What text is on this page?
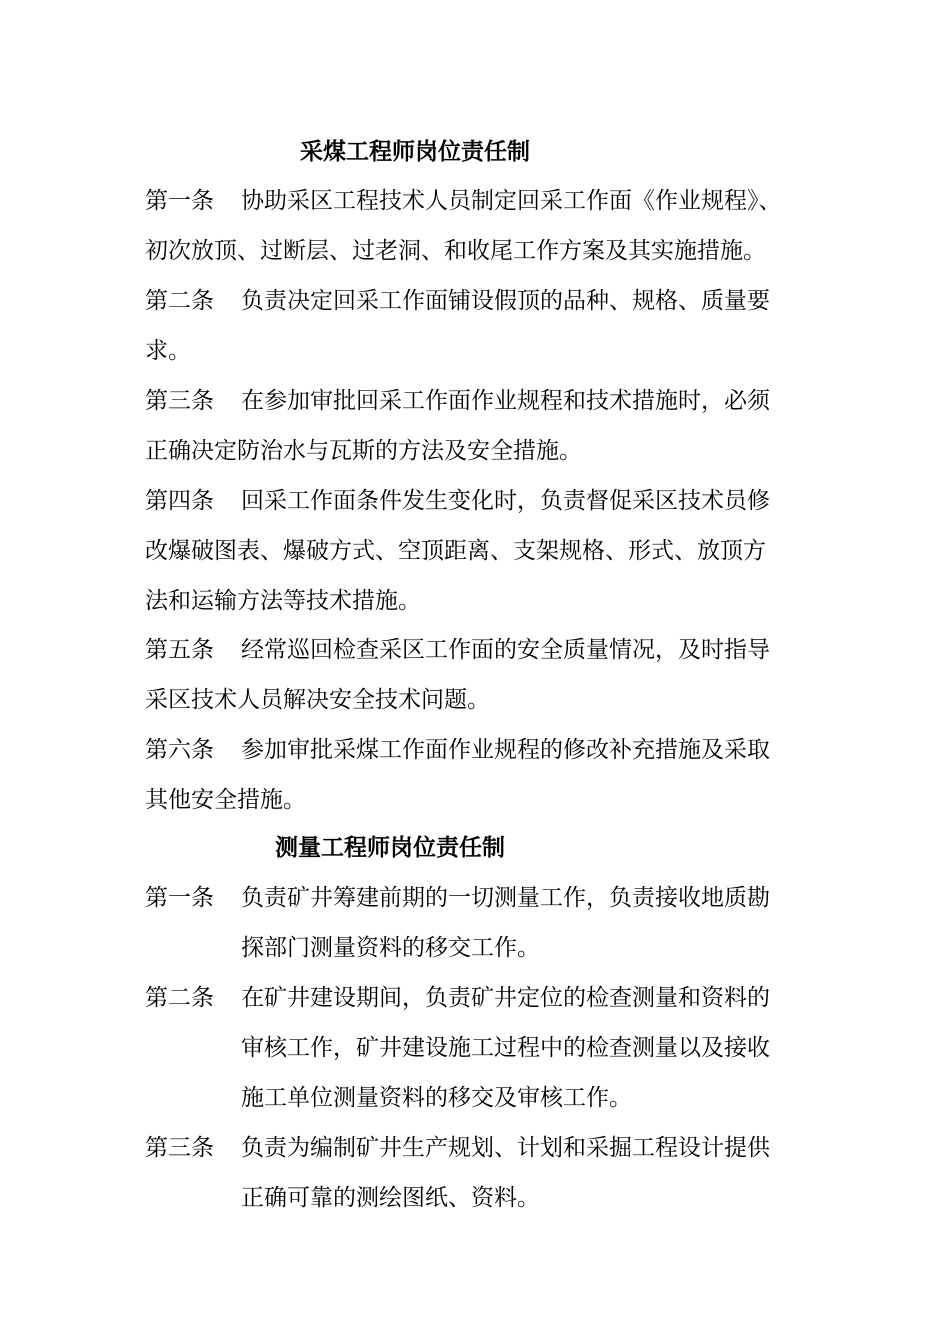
采煤工程师岗位责任制
第一条 协助采区工程技术人员制定回采工作面《作业规程》、
初次放顶、过断层、过老洞、和收尾工作方案及其实施措施。
第二条 负责决定回采工作面铺设假顶的品种、规格、质量要
求。
第三条 在参加审批回采工作面作业规程和技术措施时，必须
正确决定防治水与瓦斯的方法及安全措施。
第四条 回采工作面条件发生变化时，负责督促采区技术员修
改爆破图表、爆破方式、空顶距离、支架规格、形式、放顶方
法和运输方法等技术措施。
第五条 经常巡回检查采区工作面的安全质量情况，及时指导
采区技术人员解决安全技术问题。
第六条 参加审批采煤工作面作业规程的修改补充措施及采取
其他安全措施。
测量工程师岗位责任制
第一条 负责矿井筹建前期的一切测量工作，负责接收地质勘
探部门测量资料的移交工作。
第二条 在矿井建设期间，负责矿井定位的检查测量和资料的
审核工作，矿井建设施工过程中的检查测量以及接收
施工单位测量资料的移交及审核工作。
第三条 负责为编制矿井生产规划、计划和采掘工程设计提供
正确可靠的测绘图纸、资料。
